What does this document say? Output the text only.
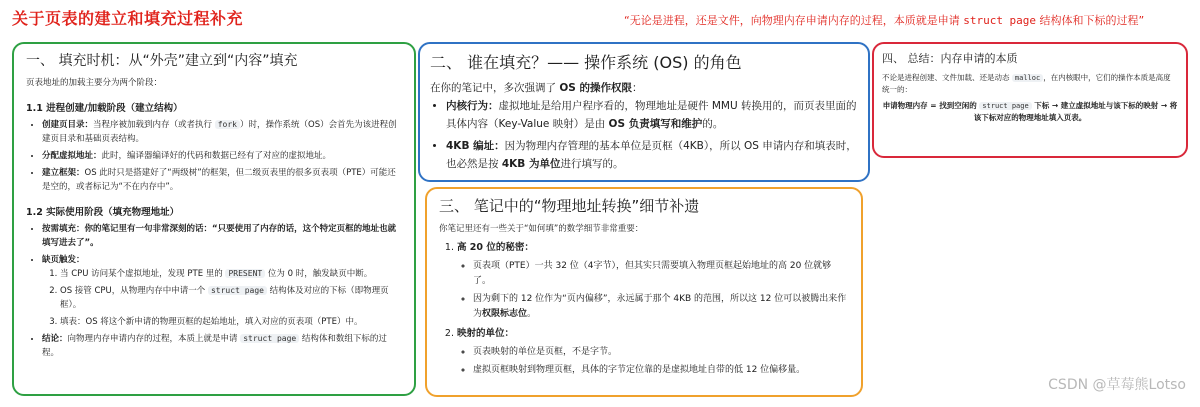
关于页表的建立和填充过程补充	“无论是进程，还是文件，向物理内存申请内存的过程，本质就是申请 struct page 结构体和下标的过程”
一、 填充时机：从“外壳”建立到“内容”填充

页表地址的加载主要分为两个阶段：

1.1 进程创建/加载阶段（建立结构）
• 创建页目录：当程序被加载到内存（或者执行 fork ）时，操作系统（OS）会首先为该进程创建页目录和基础页表结构。
• 分配虚拟地址：此时，编译器编译好的代码和数据已经有了对应的虚拟地址。
• 建立框架：OS 此时只是搭建好了“两级树”的框架，但二级页表里的很多页表项（PTE）可能还是空的，或者标记为“不在内存中”。
1.2 实际使用阶段（填充物理地址）
• 按需填充：你的笔记里有一句非常深刻的话：“只要使用了内存的话，这个特定页框的地址也就填写进去了”。
• 缺页触发：
1. 当 CPU 访问某个虚拟地址，发现 PTE 里的 PRESENT 位为 0 时，触发缺页中断。
2. OS 接管 CPU，从物理内存中申请一个 struct page 结构体及对应的下标（即物理页框）。
3. 填表：OS 将这个新申请的物理页框的起始地址，填入对应的页表项（PTE）中。
• 结论：向物理内存申请内存的过程，本质上就是申请 struct page 结构体和数组下标的过程。
二、 谁在填充？—— 操作系统 (OS) 的角色

在你的笔记中，多次强调了 OS 的操作权限：

• 内核行为：虚拟地址是给用户程序看的，物理地址是硬件 MMU 转换用的，而页表里面的具体内容（Key-Value 映射）是由 OS 负责填写和维护的。
• 4KB 编址：因为物理内存管理的基本单位是页框（4KB），所以 OS 申请内存和填表时，也必然是按 4KB 为单位进行填写的。
三、 笔记中的“物理地址转换”细节补遗

你笔记里还有一些关于“如何填”的数学细节非常重要：

1. 高 20 位的秘密：
◦ 页表项（PTE）一共 32 位（4字节），但其实只需要填入物理页框起始地址的高 20 位就够了。
◦ 因为剩下的 12 位作为“页内偏移”，永远属于那个 4KB 的范围，所以这 12 位可以被腾出来作为权限标志位。
2. 映射的单位：
◦ 页表映射的单位是页框，不是字节。
◦ 虚拟页框映射到物理页框，具体的字节定位靠的是虚拟地址自带的低 12 位偏移量。
四、 总结：内存申请的本质

不论是进程创建、文件加载、还是动态 malloc ，在内核眼中，它们的操作本质是高度统一的：

申请物理内存 = 找到空闲的 struct page 下标 → 建立虚拟地址与该下标的映射 → 将该下标对应的物理地址填入页表。

CSDN @草莓熊Lotso
